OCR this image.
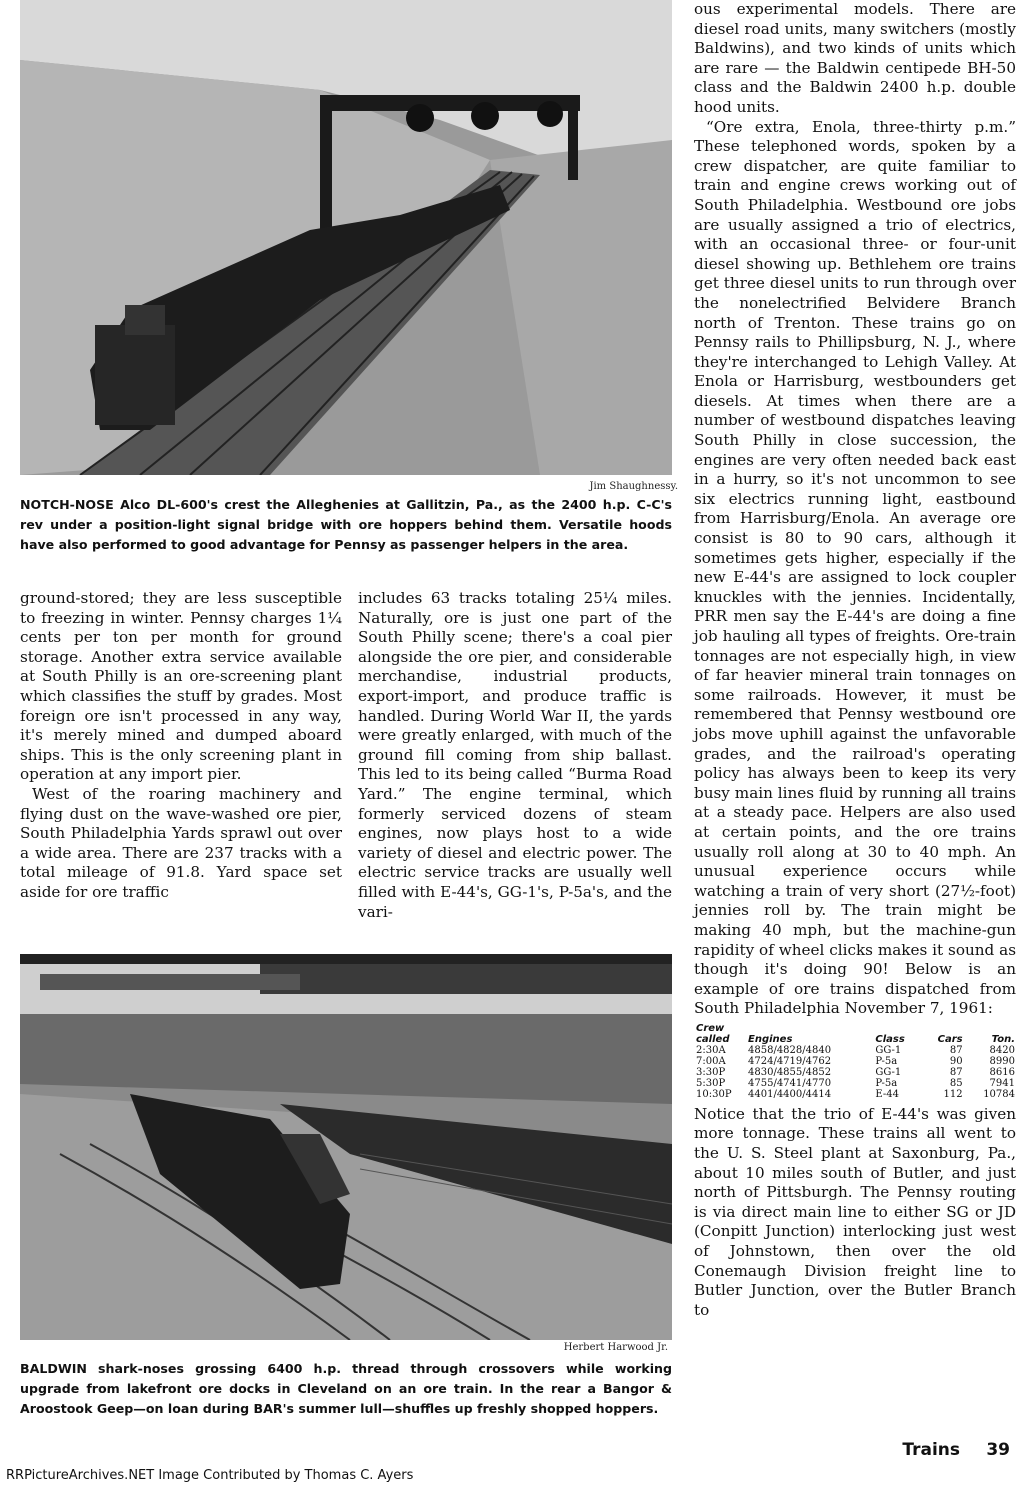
Jim Shaughnessy.

NOTCH-NOSE Alco DL-600's crest the Alleghenies at Gallitzin, Pa., as the 2400 h.p. C-C's rev under a position-light signal bridge with ore hoppers behind them. Versatile hoods have also performed to good advantage for Pennsy as passenger helpers in the area.

ground-stored; they are less susceptible to freezing in winter. Pennsy charges 1¼ cents per ton per month for ground storage. Another extra service available at South Philly is an ore-screening plant which classifies the stuff by grades. Most foreign ore isn't processed in any way, it's merely mined and dumped aboard ships. This is the only screening plant in operation at any import pier.

West of the roaring machinery and flying dust on the wave-washed ore pier, South Philadelphia Yards sprawl out over a wide area. There are 237 tracks with a total mileage of 91.8. Yard space set aside for ore traffic

includes 63 tracks totaling 25¼ miles. Naturally, ore is just one part of the South Philly scene; there's a coal pier alongside the ore pier, and considerable merchandise, industrial products, export-import, and produce traffic is handled. During World War II, the yards were greatly enlarged, with much of the ground fill coming from ship ballast. This led to its being called “Burma Road Yard.” The engine terminal, which formerly serviced dozens of steam engines, now plays host to a wide variety of diesel and electric power. The electric service tracks are usually well filled with E-44's, GG-1's, P-5a's, and the vari-

Herbert Harwood Jr.

BALDWIN shark-noses grossing 6400 h.p. thread through crossovers while working upgrade from lakefront ore docks in Cleveland on an ore train. In the rear a Bangor & Aroostook Geep—on loan during BAR's summer lull—shuffles up freshly shopped hoppers.

ous experimental models. There are diesel road units, many switchers (mostly Baldwins), and two kinds of units which are rare — the Baldwin centipede BH-50 class and the Baldwin 2400 h.p. double hood units.

“Ore extra, Enola, three-thirty p.m.” These telephoned words, spoken by a crew dispatcher, are quite familiar to train and engine crews working out of South Philadelphia. Westbound ore jobs are usually assigned a trio of electrics, with an occasional three- or four-unit diesel showing up. Bethlehem ore trains get three diesel units to run through over the nonelectrified Belvidere Branch north of Trenton. These trains go on Pennsy rails to Phillipsburg, N. J., where they're interchanged to Lehigh Valley. At Enola or Harrisburg, westbounders get diesels. At times when there are a number of westbound dispatches leaving South Philly in close succession, the engines are very often needed back east in a hurry, so it's not uncommon to see six electrics running light, eastbound from Harrisburg/Enola. An average ore consist is 80 to 90 cars, although it sometimes gets higher, especially if the new E-44's are assigned to lock coupler knuckles with the jennies. Incidentally, PRR men say the E-44's are doing a fine job hauling all types of freights. Ore-train tonnages are not especially high, in view of far heavier mineral train tonnages on some railroads. However, it must be remembered that Pennsy westbound ore jobs move uphill against the unfavorable grades, and the railroad's operating policy has always been to keep its very busy main lines fluid by running all trains at a steady pace. Helpers are also used at certain points, and the ore trains usually roll along at 30 to 40 mph. An unusual experience occurs while watching a train of very short (27½-foot) jennies roll by. The train might be making 40 mph, but the machine-gun rapidity of wheel clicks makes it sound as though it's doing 90! Below is an example of ore trains dispatched from South Philadelphia November 7, 1961:

Crew called	Engines	Class	Cars	Ton.
2:30A	4858/4828/4840	GG-1	87	8420
7:00A	4724/4719/4762	P-5a	90	8990
3:30P	4830/4855/4852	GG-1	87	8616
5:30P	4755/4741/4770	P-5a	85	7941
10:30P	4401/4400/4414	E-44	112	10784

Notice that the trio of E-44's was given more tonnage. These trains all went to the U. S. Steel plant at Saxonburg, Pa., about 10 miles south of Butler, and just north of Pittsburgh. The Pennsy routing is via direct main line to either SG or JD (Conpitt Junction) interlocking just west of Johnstown, then over the old Conemaugh Division freight line to Butler Junction, over the Butler Branch to

Trains 39
RRPictureArchives.NET Image Contributed by Thomas C. Ayers
